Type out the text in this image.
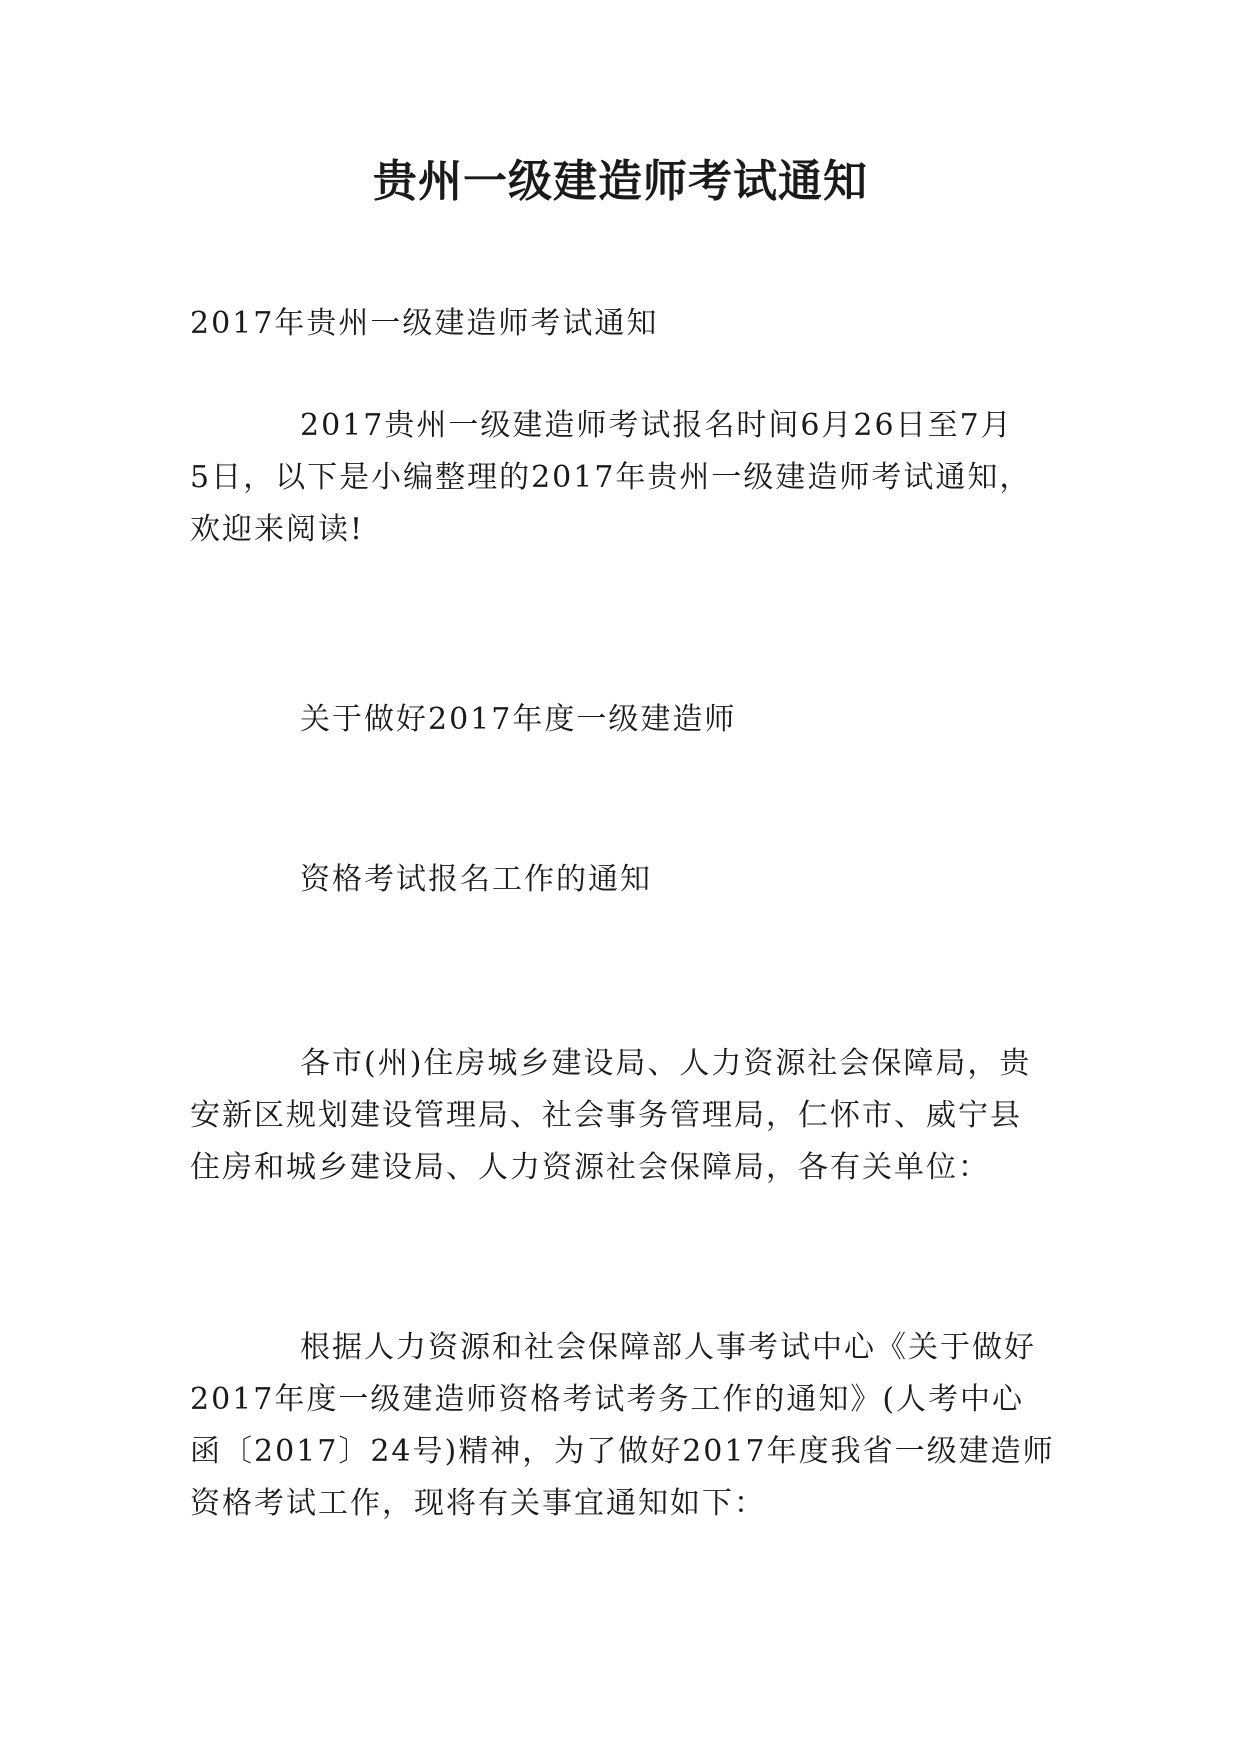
贵州一级建造师考试通知

2017年贵州一级建造师考试通知

2017贵州一级建造师考试报名时间6月26日至7月
5日，以下是小编整理的2017年贵州一级建造师考试通知，
欢迎来阅读!

关于做好2017年度一级建造师

资格考试报名工作的通知

各市(州)住房城乡建设局、人力资源社会保障局，贵
安新区规划建设管理局、社会事务管理局，仁怀市、威宁县
住房和城乡建设局、人力资源社会保障局，各有关单位：

根据人力资源和社会保障部人事考试中心《关于做好
2017年度一级建造师资格考试考务工作的通知》(人考中心
函〔2017〕24号)精神，为了做好2017年度我省一级建造师
资格考试工作，现将有关事宜通知如下：
